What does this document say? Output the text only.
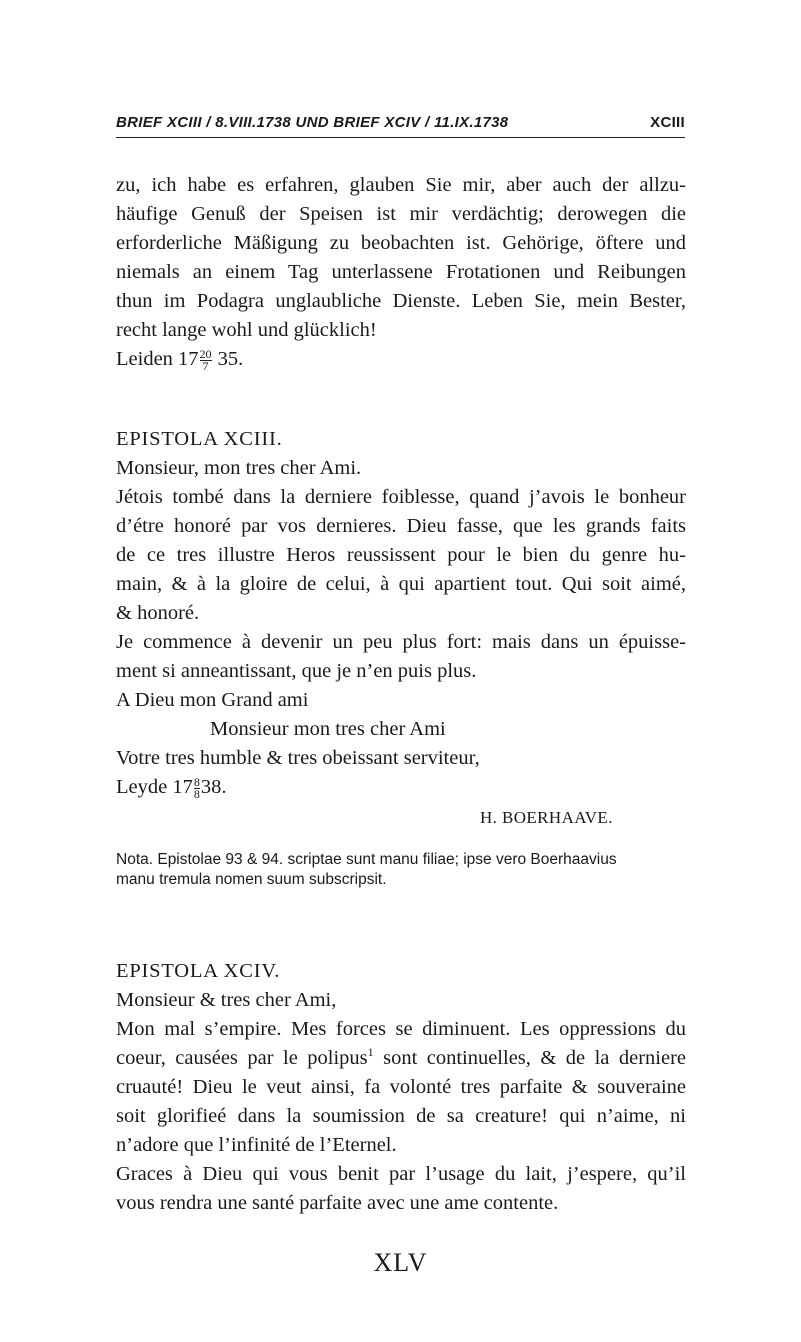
BRIEF XCIII / 8.VIII.1738 UND BRIEF XCIV / 11.IX.1738	XCIII
zu, ich habe es erfahren, glauben Sie mir, aber auch der allzu-
häufige Genuß der Speisen ist mir verdächtig; derowegen die
erforderliche Mäßigung zu beobachten ist. Gehörige, öftere und
niemals an einem Tag unterlassene Frotationen und Reibungen
thun im Podagra unglaubliche Dienste. Leben Sie, mein Bester,
recht lange wohl und glücklich!
Leiden $17 \frac{20}{7} 35$.
EPISTOLA XCIII.
Monsieur, mon tres cher Ami.
Jétois tombé dans la derniere foiblesse, quand j’avois le bonheur
d’étre honoré par vos dernieres. Dieu fasse, que les grands faits
de ce tres illustre Heros reussissent pour le bien du genre hu-
main, & à la gloire de celui, à qui apartient tout. Qui soit aimé,
& honoré.
Je commence à devenir un peu plus fort: mais dans un épuisse-
ment si anneantissant, que je n’en puis plus.
A Dieu mon Grand ami
Monsieur mon tres cher Ami
Votre tres humble & tres obeissant serviteur,
Leyde $17 \frac{8}{8} 38$.
H. BOERHAAVE.
Nota. Epistolae 93 & 94. scriptae sunt manu filiae; ipse vero Boerhaavius
manu tremula nomen suum subscripsit.
EPISTOLA XCIV.
Monsieur & tres cher Ami,
Mon mal s’empire. Mes forces se diminuent. Les oppressions du
coeur, causées par le polipus$^1$ sont continuelles, & de la derniere
cruauté! Dieu le veut ainsi, fa volonté tres parfaite & souveraine
soit glorifieé dans la soumission de sa creature! qui n’aime, ni
n’adore que l’infinité de l’Eternel.
Graces à Dieu qui vous benit par l’usage du lait, j’espere, qu’il
vous rendra une santé parfaite avec une ame contente.
XLV
